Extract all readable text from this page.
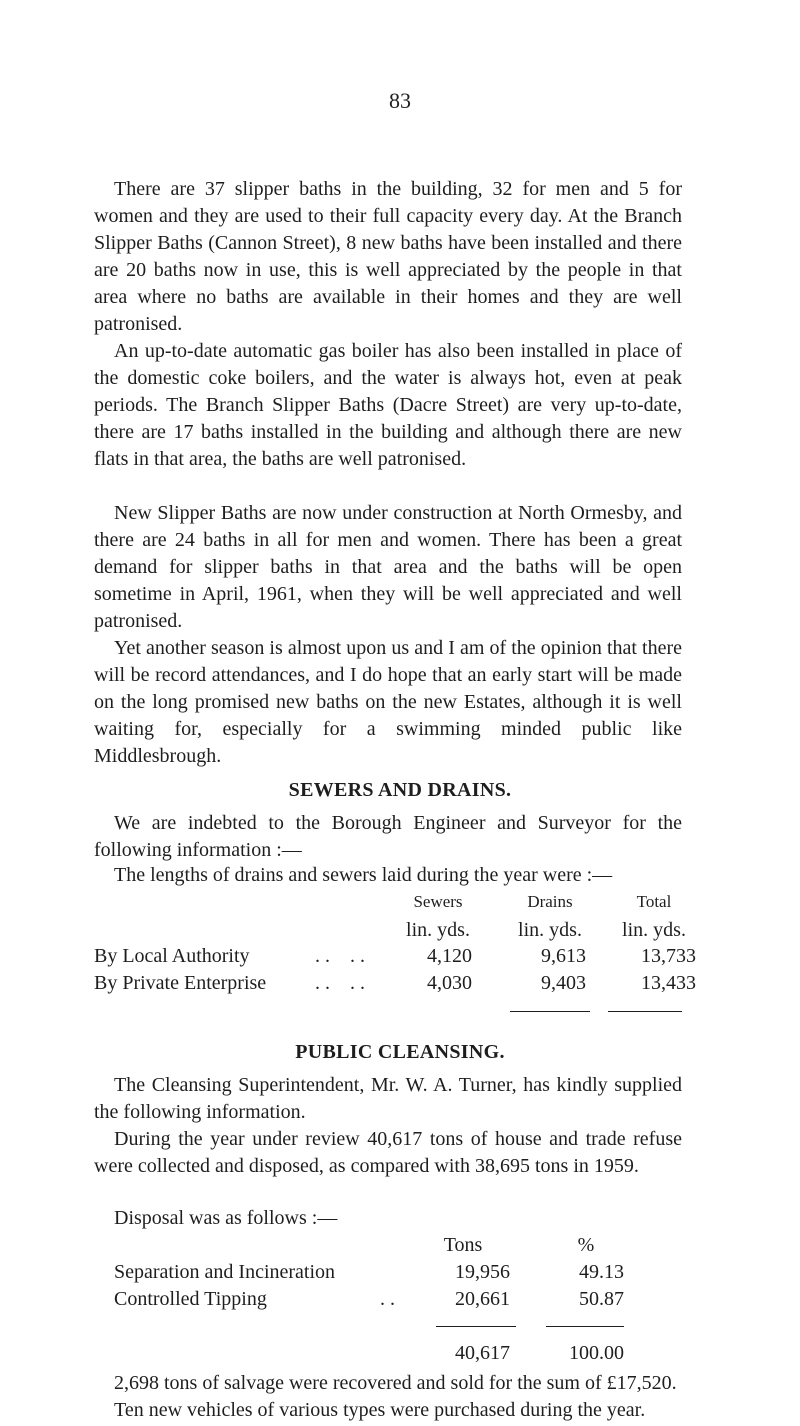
83

There are 37 slipper baths in the building, 32 for men and 5 for women and they are used to their full capacity every day. At the Branch Slipper Baths (Cannon Street), 8 new baths have been installed and there are 20 baths now in use, this is well appreciated by the people in that area where no baths are available in their homes and they are well patronised.

An up-to-date automatic gas boiler has also been installed in place of the domestic coke boilers, and the water is always hot, even at peak periods. The Branch Slipper Baths (Dacre Street) are very up-to-date, there are 17 baths installed in the building and although there are new flats in that area, the baths are well patronised.

New Slipper Baths are now under construction at North Ormesby, and there are 24 baths in all for men and women. There has been a great demand for slipper baths in that area and the baths will be open sometime in April, 1961, when they will be well appreciated and well patronised.

Yet another season is almost upon us and I am of the opinion that there will be record attendances, and I do hope that an early start will be made on the long promised new baths on the new Estates, although it is well waiting for, especially for a swimming minded public like Middlesbrough.

SEWERS AND DRAINS.

We are indebted to the Borough Engineer and Surveyor for the following information :—

The lengths of drains and sewers laid during the year were :—
Sewers	Drains	Total
lin. yds.	lin. yds.	lin. yds.
By Local Authority	. .    . .	4,120	9,613	13,733
By Private Enterprise . .    . .	4,030	9,403	13,433
PUBLIC CLEANSING.

The Cleansing Superintendent, Mr. W. A. Turner, has kindly supplied the following information.

During the year under review 40,617 tons of house and trade refuse were collected and disposed, as compared with 38,695 tons in 1959.

Disposal was as follows :—
Tons	%
Separation and Incineration	19,956	49.13
Controlled Tipping	. .	20,661	50.87
40,617	100.00

2,698 tons of salvage were recovered and sold for the sum of £17,520.

Ten new vehicles of various types were purchased during the year.
